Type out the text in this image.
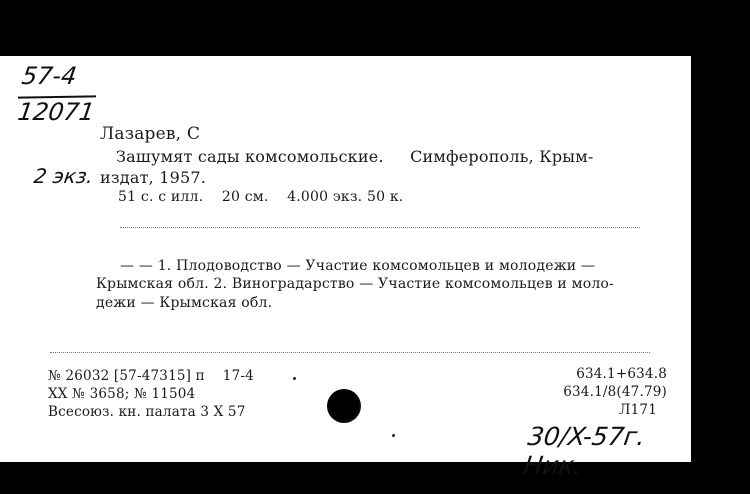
57-4
12071
2 экз.
Лазарев, С
Зашумят сады комсомольские.     Симферополь, Крым-
издат, 1957.
51 с. с илл.    20 см.    4.000 экз. 50 к.
— — 1. Плодоводство — Участие комсомольцев и молодежи —
Крымская обл. 2. Виноградарство — Участие комсомольцев и моло-
дежи — Крымская обл.
№ 26032 [57-47315] п    17-4
XX № 3658; № 11504
Всесоюз. кн. палата 3 X 57
634.1+634.8
634.1/8(47.79)
Л171
30/X-57г. Ник.
